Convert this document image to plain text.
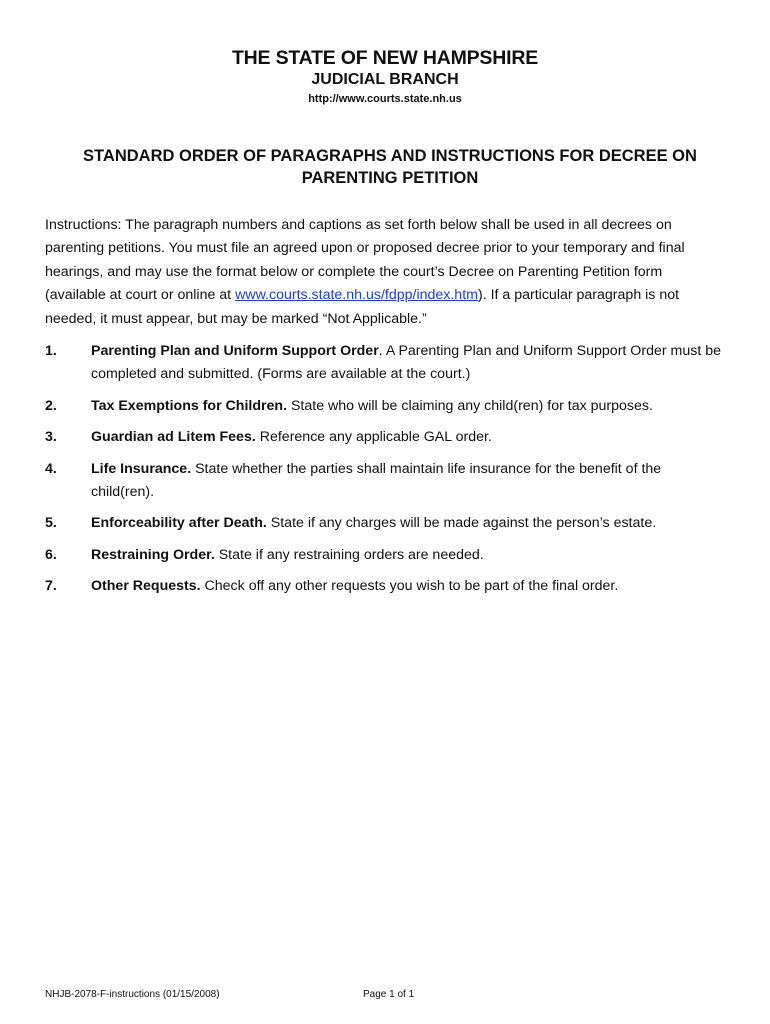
THE STATE OF NEW HAMPSHIRE
JUDICIAL BRANCH
http://www.courts.state.nh.us
STANDARD ORDER OF PARAGRAPHS AND INSTRUCTIONS FOR DECREE ON PARENTING PETITION
Instructions: The paragraph numbers and captions as set forth below shall be used in all decrees on parenting petitions. You must file an agreed upon or proposed decree prior to your temporary and final hearings, and may use the format below or complete the court’s Decree on Parenting Petition form (available at court or online at www.courts.state.nh.us/fdpp/index.htm). If a particular paragraph is not needed, it must appear, but may be marked “Not Applicable.”
1. Parenting Plan and Uniform Support Order. A Parenting Plan and Uniform Support Order must be completed and submitted. (Forms are available at the court.)
2. Tax Exemptions for Children. State who will be claiming any child(ren) for tax purposes.
3. Guardian ad Litem Fees. Reference any applicable GAL order.
4. Life Insurance. State whether the parties shall maintain life insurance for the benefit of the child(ren).
5. Enforceability after Death. State if any charges will be made against the person’s estate.
6. Restraining Order. State if any restraining orders are needed.
7. Other Requests. Check off any other requests you wish to be part of the final order.
NHJB-2078-F-instructions (01/15/2008)	Page 1 of 1
